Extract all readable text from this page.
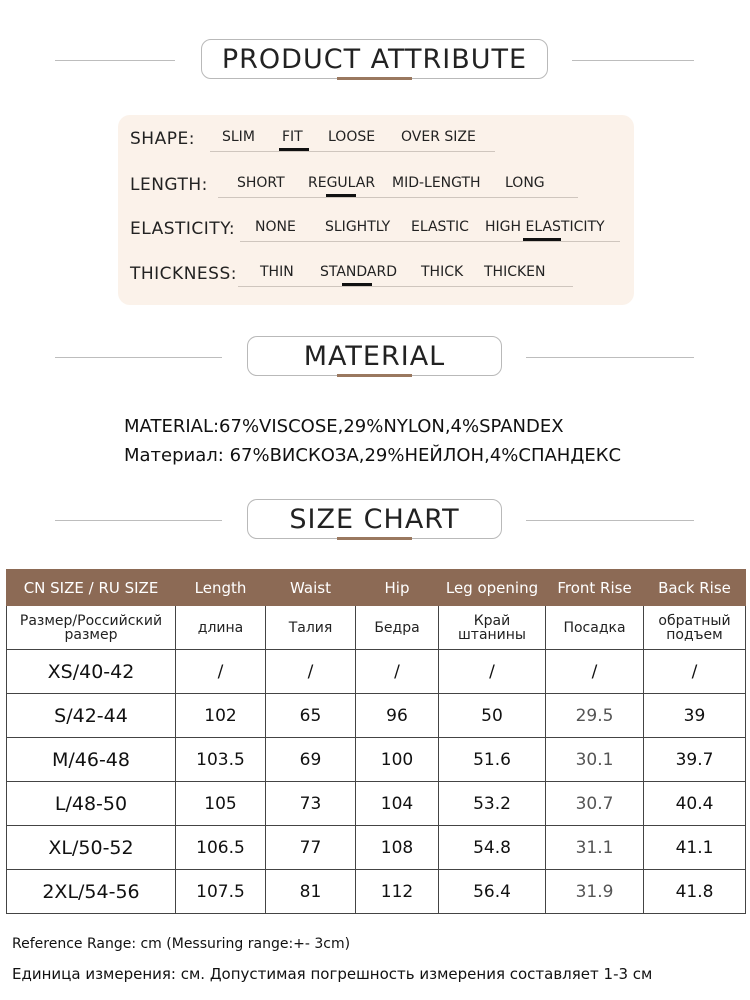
PRODUCT ATTRIBUTE
SHAPE: SLIM FIT LOOSE OVER SIZE
LENGTH: SHORT REGULAR MID-LENGTH LONG
ELASTICITY: NONE SLIGHTLY ELASTIC HIGH ELASTICITY
THICKNESS: THIN STANDARD THICK THICKEN
MATERIAL
MATERIAL:67%VISCOSE,29%NYLON,4%SPANDEX
Материал: 67%ВИСКОЗА,29%НЕЙЛОН,4%СПАНДЕКС
SIZE CHART
CN SIZE / RU SIZE	Length	Waist	Hip	Leg opening	Front Rise	Back Rise
Размер/Российский размер	длина	Талия	Бедра	Край штанины	Посадка	обратный подъем
XS/40-42	/	/	/	/	/	/
S/42-44	102	65	96	50	29.5	39
M/46-48	103.5	69	100	51.6	30.1	39.7
L/48-50	105	73	104	53.2	30.7	40.4
XL/50-52	106.5	77	108	54.8	31.1	41.1
2XL/54-56	107.5	81	112	56.4	31.9	41.8
Reference Range: cm (Messuring range:+- 3cm)
Единица измерения: см. Допустимая погрешность измерения составляет 1-3 см
